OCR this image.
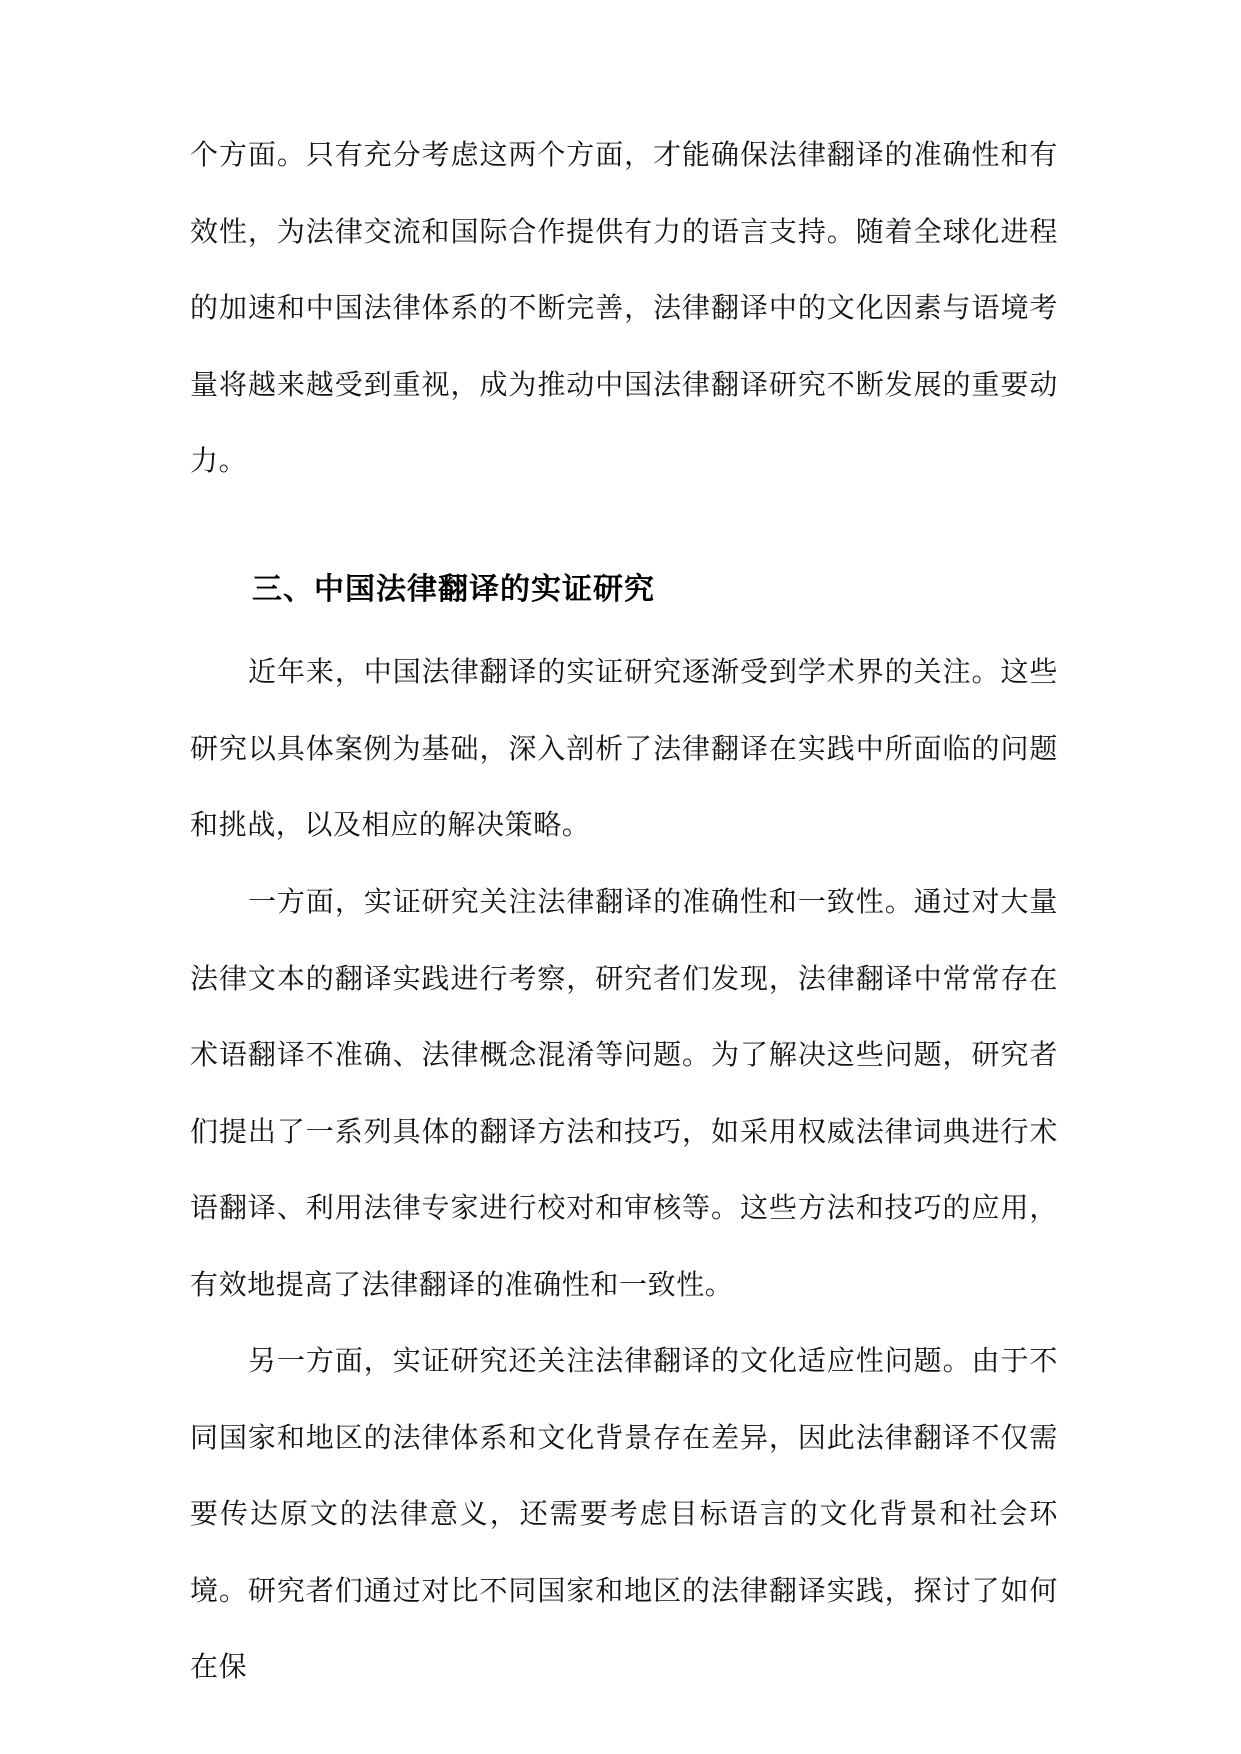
个方面。只有充分考虑这两个方面，才能确保法律翻译的准确性和有效性，为法律交流和国际合作提供有力的语言支持。随着全球化进程的加速和中国法律体系的不断完善，法律翻译中的文化因素与语境考量将越来越受到重视，成为推动中国法律翻译研究不断发展的重要动力。

三、中国法律翻译的实证研究

近年来，中国法律翻译的实证研究逐渐受到学术界的关注。这些研究以具体案例为基础，深入剖析了法律翻译在实践中所面临的问题和挑战，以及相应的解决策略。

一方面，实证研究关注法律翻译的准确性和一致性。通过对大量法律文本的翻译实践进行考察，研究者们发现，法律翻译中常常存在术语翻译不准确、法律概念混淆等问题。为了解决这些问题，研究者们提出了一系列具体的翻译方法和技巧，如采用权威法律词典进行术语翻译、利用法律专家进行校对和审核等。这些方法和技巧的应用，有效地提高了法律翻译的准确性和一致性。

另一方面，实证研究还关注法律翻译的文化适应性问题。由于不同国家和地区的法律体系和文化背景存在差异，因此法律翻译不仅需要传达原文的法律意义，还需要考虑目标语言的文化背景和社会环境。研究者们通过对比不同国家和地区的法律翻译实践，探讨了如何在保
